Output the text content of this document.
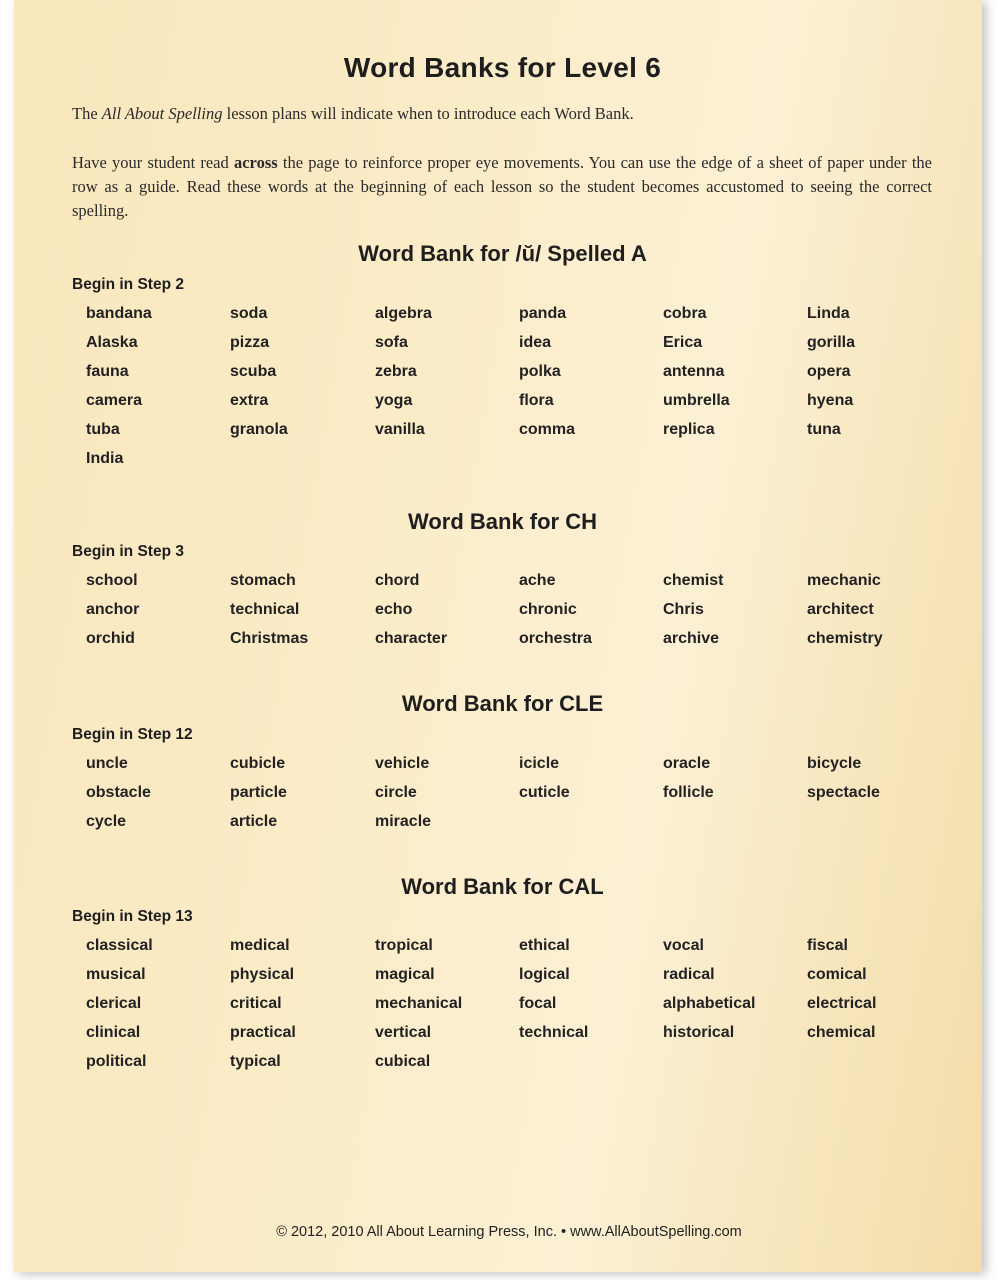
Word Banks for Level 6

The All About Spelling lesson plans will indicate when to introduce each Word Bank.

Have your student read across the page to reinforce proper eye movements. You can use the edge of a sheet of paper under the row as a guide. Read these words at the beginning of each lesson so the student becomes accustomed to seeing the correct spelling.

Word Bank for /ŭ/ Spelled A
Begin in Step 2
bandana	soda	algebra	panda	cobra	Linda
Alaska	pizza	sofa	idea	Erica	gorilla
fauna	scuba	zebra	polka	antenna	opera
camera	extra	yoga	flora	umbrella	hyena
tuba	granola	vanilla	comma	replica	tuna
India
Word Bank for CH
Begin in Step 3
school	stomach	chord	ache	chemist	mechanic
anchor	technical	echo	chronic	Chris	architect
orchid	Christmas	character	orchestra	archive	chemistry
Word Bank for CLE
Begin in Step 12
uncle	cubicle	vehicle	icicle	oracle	bicycle
obstacle	particle	circle	cuticle	follicle	spectacle
cycle	article	miracle
Word Bank for CAL
Begin in Step 13
classical	medical	tropical	ethical	vocal	fiscal
musical	physical	magical	logical	radical	comical
clerical	critical	mechanical	focal	alphabetical	electrical
clinical	practical	vertical	technical	historical	chemical
political	typical	cubical
© 2012, 2010 All About Learning Press, Inc. • www.AllAboutSpelling.com
